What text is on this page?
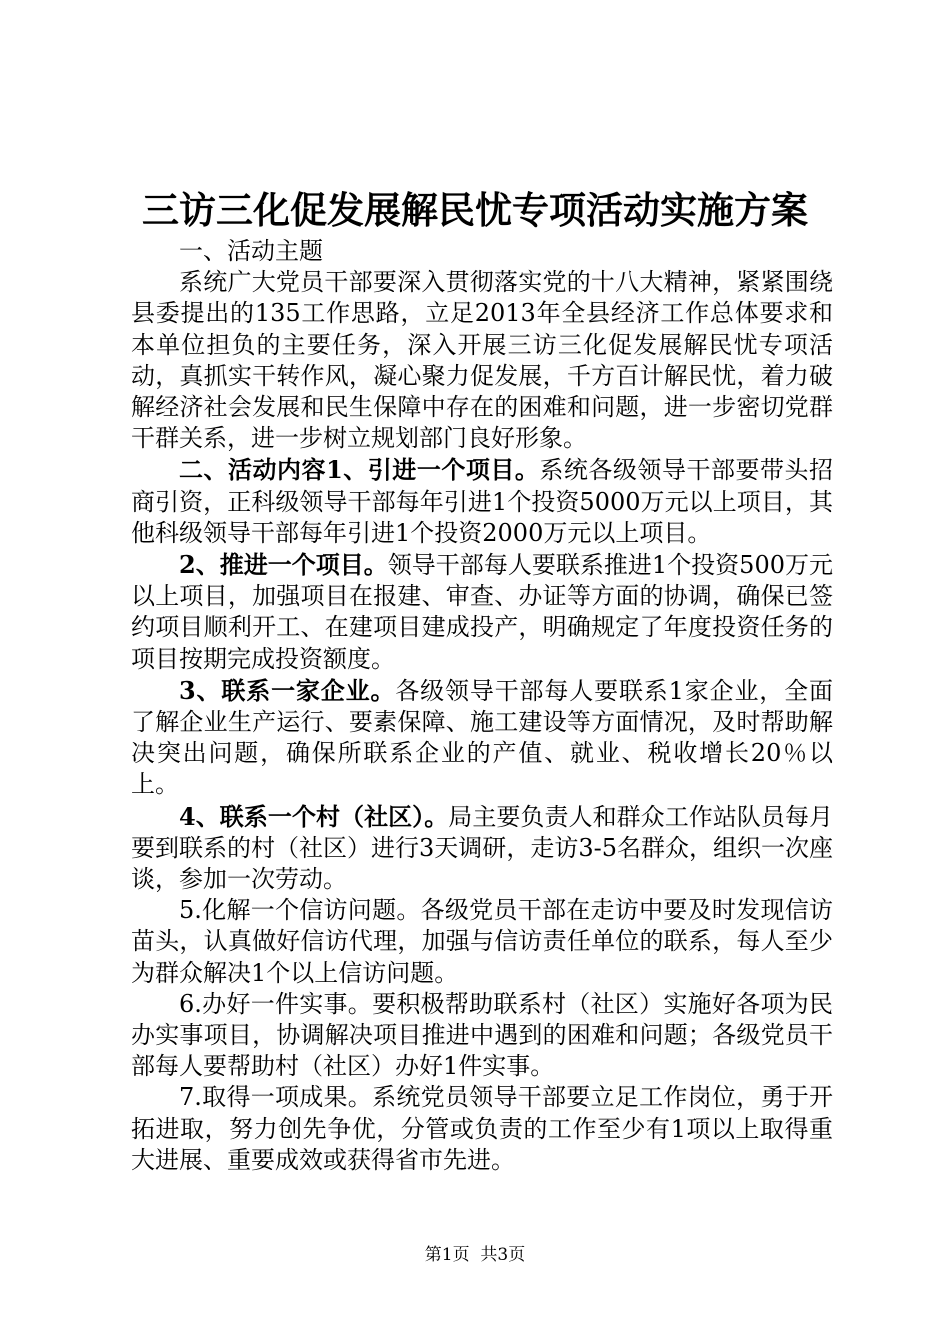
三访三化促发展解民忧专项活动实施方案

一、活动主题

系统广大党员干部要深入贯彻落实党的十八大精神，紧紧围绕县委提出的135工作思路，立足2013年全县经济工作总体要求和本单位担负的主要任务，深入开展三访三化促发展解民忧专项活动，真抓实干转作风，凝心聚力促发展，千方百计解民忧，着力破解经济社会发展和民生保障中存在的困难和问题，进一步密切党群干群关系，进一步树立规划部门良好形象。

二、活动内容1、引进一个项目。系统各级领导干部要带头招商引资，正科级领导干部每年引进1个投资5000万元以上项目，其他科级领导干部每年引进1个投资2000万元以上项目。

2、推进一个项目。领导干部每人要联系推进1个投资500万元以上项目，加强项目在报建、审查、办证等方面的协调，确保已签约项目顺利开工、在建项目建成投产，明确规定了年度投资任务的项目按期完成投资额度。

3、联系一家企业。各级领导干部每人要联系1家企业，全面了解企业生产运行、要素保障、施工建设等方面情况，及时帮助解决突出问题，确保所联系企业的产值、就业、税收增长20％以上。

4、联系一个村（社区）。局主要负责人和群众工作站队员每月要到联系的村（社区）进行3天调研，走访3-5名群众，组织一次座谈，参加一次劳动。

5.化解一个信访问题。各级党员干部在走访中要及时发现信访苗头，认真做好信访代理，加强与信访责任单位的联系，每人至少为群众解决1个以上信访问题。

6.办好一件实事。要积极帮助联系村（社区）实施好各项为民办实事项目，协调解决项目推进中遇到的困难和问题；各级党员干部每人要帮助村（社区）办好1件实事。

7.取得一项成果。系统党员领导干部要立足工作岗位，勇于开拓进取，努力创先争优，分管或负责的工作至少有1项以上取得重大进展、重要成效或获得省市先进。

第1页 共3页
